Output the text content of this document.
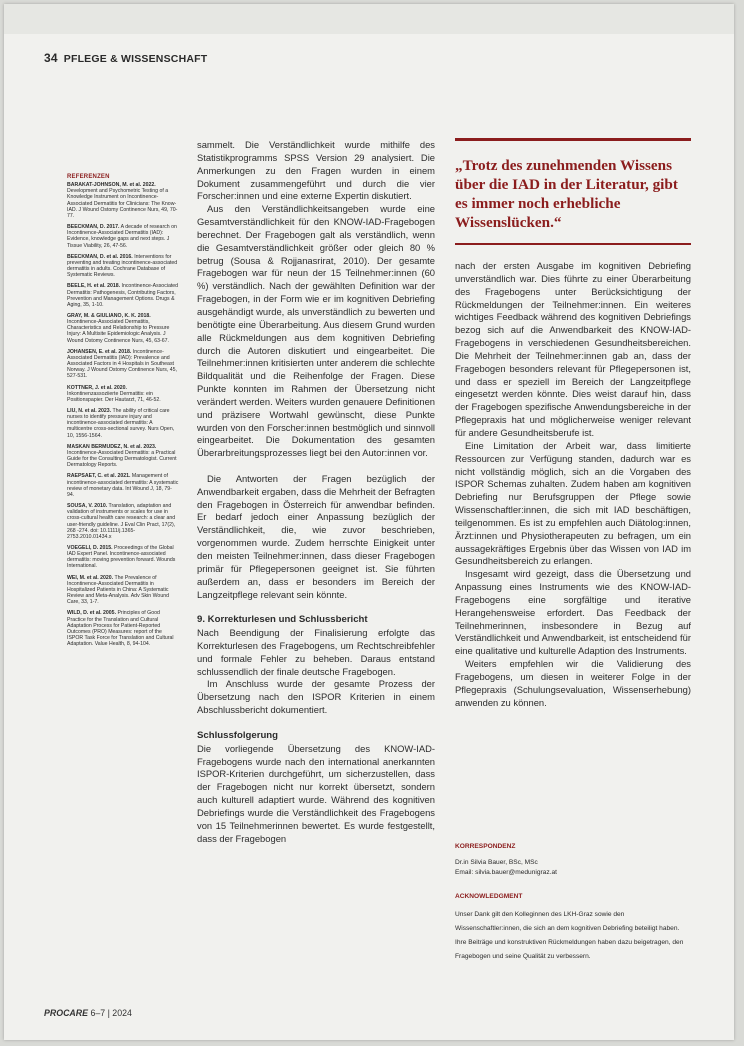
34 PFLEGE & WISSENSCHAFT
REFERENZEN
BARAKAT-JOHNSON, M. et al. 2022. Development and Psychometric Testing of a Knowledge Instrument on Incontinence-Associated Dermatitis for Clinicians: The Know-IAD. J Wound Ostomy Continence Nurs, 49, 70-77.
BEECKMAN, D. 2017. A decade of research on Incontinence-Associated Dermatitis (IAD): Evidence, knowledge gaps and next steps. J Tissue Viability, 26, 47-56.
BEECKMAN, D. et al. 2016. Interventions for preventing and treating incontinence-associated dermatitis in adults. Cochrane Database of Systematic Reviews.
BEELE, H. et al. 2018. Incontinence-Associated Dermatitis: Pathogenesis, Contributing Factors, Prevention and Management Options. Drugs & Aging, 35, 1-10.
GRAY, M. & GIULIANO, K. K. 2018. Incontinence-Associated Dermatitis, Characteristics and Relationship to Pressure Injury: A Multisite Epidemiologic Analysis. J Wound Ostomy Continence Nurs, 45, 63-67.
JOHANSEN, E. et al. 2018. Incontinence-Associated Dermatitis (IAD): Prevalence and Associated Factors in 4 Hospitals in Southeast Norway. J Wound Ostomy Continence Nurs, 45, 527-531.
KOTTNER, J. et al. 2020. Inkontinenzassoziierte Dermatitis: ein Positionspapier. Der Hautarzt, 71, 46-52.
LIU, N. et al. 2023. The ability of critical care nurses to identify pressure injury and incontinence-associated dermatitis: A multicentre cross-sectional survey. Nurs Open, 10, 1556-1564.
MASKAN BERMUDEZ, N. et al. 2023. Incontinence-Associated Dermatitis: a Practical Guide for the Consulting Dermatologist. Current Dermatology Reports.
RAEPSAET, C. et al. 2021. Management of incontinence-associated dermatitis: A systematic review of monetary data. Int Wound J, 18, 79-94.
SOUSA, V. 2010. Translation, adaptation and validation of instruments or scales for use in cross-cultural health care research: a clear and user-friendly guideline. J Eval Clin Pract, 17(2), 268 -274. doi: 10.1111/j.1365-2753.2010.01434.x
VOEGELI, D. 2015. Proceedings of the Global IAD Expert Panel. Incontinence-associated dermatitis: moving prevention forward. Wounds International.
WEI, M. et al. 2020. The Prevalence of Incontinence-Associated Dermatitis in Hospitalized Patients in China: A Systematic Review and Meta-Analysis. Adv Skin Wound Care, 33, 1-7.
WILD, D. et al. 2005. Principles of Good Practice for the Translation and Cultural Adaptation Process for Patient-Reported Outcomes (PRO) Measures: report of the ISPOR Task Force for Translation and Cultural Adaptation. Value Health, 8, 94-104.

sammelt. Die Verständlichkeit wurde mithilfe des Statistikprogramms SPSS Version 29 analysiert. Die Anmerkungen zu den Fragen wurden in einem Dokument zusammengeführt und durch die vier Forscher:innen und eine externe Expertin diskutiert.

Aus den Verständlichkeitsangeben wurde eine Gesamtverständlichkeit für den KNOW-IAD-Fragebogen berechnet. Der Fragebogen galt als verständlich, wenn die Gesamtverständlichkeit größer oder gleich 80 % betrug (Sousa & Rojjanasrirat, 2010). Der gesamte Fragebogen war für neun der 15 Teilnehmer:innen (60 %) verständlich. Nach der gewählten Definition war der Fragebogen, in der Form wie er im kognitiven Debriefing ausgehändigt wurde, als unverständlich zu bewerten und benötigte eine Überarbeitung. Aus diesem Grund wurden alle Rückmeldungen aus dem kognitiven Debriefing durch die Autoren diskutiert und eingearbeitet. Die Teilnehmer:innen kritisierten unter anderem die schlechte Bildqualität und die Reihenfolge der Fragen. Diese Punkte konnten im Rahmen der Übersetzung nicht verändert werden. Weiters wurden genauere Definitionen und präzisere Wortwahl gewünscht, diese Punkte wurden von den Forscher:innen bestmöglich und sinnvoll eingearbeitet. Die Dokumentation des gesamten Überarbreitungsprozesses liegt bei den Autor:innen vor.

Die Antworten der Fragen bezüglich der Anwendbarkeit ergaben, dass die Mehrheit der Befragten den Fragebogen in Österreich für anwendbar befinden. Er bedarf jedoch einer Anpassung bezüglich der Verständlichkeit, die, wie zuvor beschrieben, vorgenommen wurde. Zudem herrschte Einigkeit unter den meisten Teilnehmer:innen, dass dieser Fragebogen primär für Pflegepersonen geeignet ist. Sie führten außerdem an, dass er besonders im Bereich der Langzeitpflege relevant sein könnte.

9. Korrekturlesen und Schlussbericht

Nach Beendigung der Finalisierung erfolgte das Korrekturlesen des Fragebogens, um Rechtschreibfehler und formale Fehler zu beheben. Daraus entstand schlussendlich der finale deutsche Fragebogen.

Im Anschluss wurde der gesamte Prozess der Übersetzung nach den ISPOR Kriterien in einem Abschlussbericht dokumentiert.

Schlussfolgerung

Die vorliegende Übersetzung des KNOW-IAD-Fragebogens wurde nach den international anerkannten ISPOR-Kriterien durchgeführt, um sicherzustellen, dass der Fragebogen nicht nur korrekt übersetzt, sondern auch kulturell adaptiert wurde. Während des kognitiven Debriefings wurde die Verständlichkeit des Fragebogens von 15 Teilnehmerinnen bewertet. Es wurde festgestellt, dass der Fragebogen

„Trotz des zunehmenden Wissens über die IAD in der Literatur, gibt es immer noch erhebliche Wissenslücken.“

nach der ersten Ausgabe im kognitiven Debriefing unverständlich war. Dies führte zu einer Überarbeitung des Fragebogens unter Berücksichtigung der Rückmeldungen der Teilnehmer:innen. Ein weiteres wichtiges Feedback während des kognitiven Debriefings bezog sich auf die Anwendbarkeit des KNOW-IAD-Fragebogens in verschiedenen Gesundheitsbereichen. Die Mehrheit der Teilnehmer:innen gab an, dass der Fragebogen besonders relevant für Pflegepersonen ist, und dass er speziell im Bereich der Langzeitpflege eingesetzt werden könnte. Dies weist darauf hin, dass der Fragebogen spezifische Anwendungsbereiche in der Pflegepraxis hat und möglicherweise weniger relevant für andere Gesundheitsberufe ist.

Eine Limitation der Arbeit war, dass limitierte Ressourcen zur Verfügung standen, dadurch war es nicht vollständig möglich, sich an die Vorgaben des ISPOR Schemas zuhalten. Zudem haben am kognitiven Debriefing nur Berufsgruppen der Pflege sowie Wissenschaftler:innen, die sich mit IAD beschäftigen, teilgenommen. Es ist zu empfehlen auch Diätolog:innen, Ärzt:innen und Physiotherapeuten zu befragen, um ein aussagekräftiges Ergebnis über das Wissen von IAD im Gesundheitsbereich zu erlangen.

Insgesamt wird gezeigt, dass die Übersetzung und Anpassung eines Instruments wie des KNOW-IAD-Fragebogens eine sorgfältige und iterative Herangehensweise erfordert. Das Feedback der Teilnehmerinnen, insbesondere in Bezug auf Verständlichkeit und Anwendbarkeit, ist entscheidend für eine qualitative und kulturelle Adaption des Instruments.

Weiters empfehlen wir die Validierung des Fragebogens, um diesen in weiterer Folge in der Pflegepraxis (Schulungsevaluation, Wissenserhebung) anwenden zu können.

KORRESPONDENZ
Dr.in Silvia Bauer, BSc, MSc
Email: silvia.bauer@medunigraz.at
ACKNOWLEDGMENT
Unser Dank gilt den Kolleginnen des LKH-Graz sowie den Wissenschaftler:innen, die sich an dem kognitiven Debriefing beteiligt haben. Ihre Beiträge und konstruktiven Rückmeldungen haben dazu beigetragen, den Fragebogen und seine Qualität zu verbessern.
PROCARE 6–7 | 2024
